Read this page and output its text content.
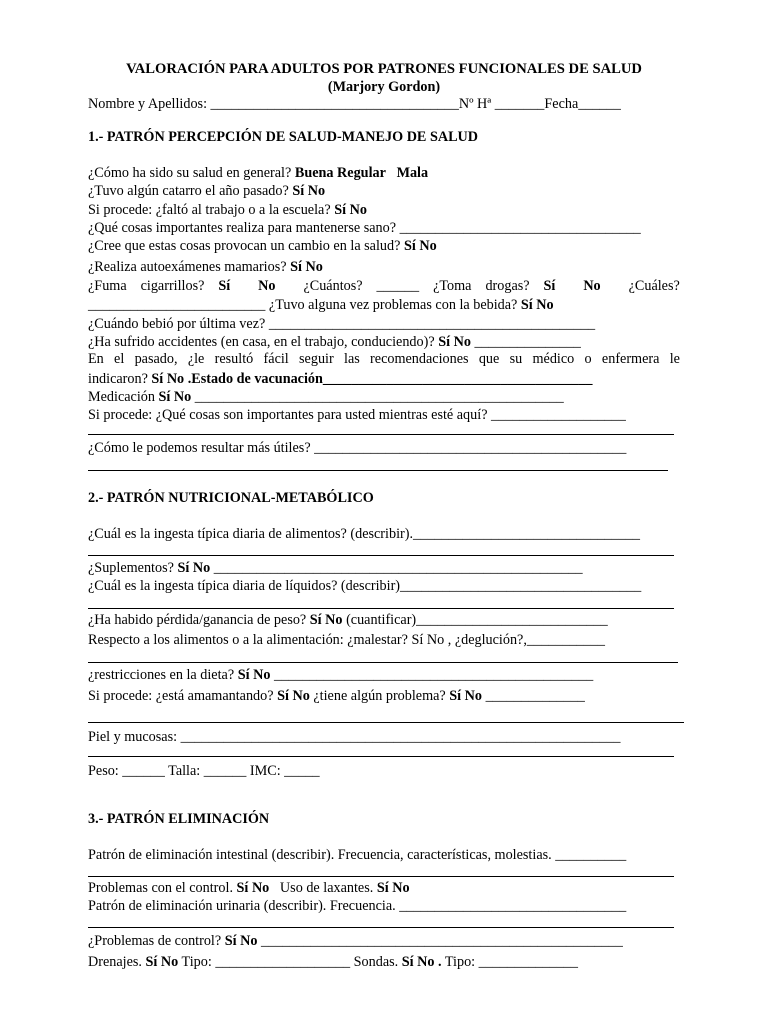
VALORACIÓN PARA ADULTOS POR PATRONES FUNCIONALES DE SALUD
(Marjory Gordon)
Nombre y Apellidos: ___________________________________Nº Hª _______Fecha______
1.- PATRÓN PERCEPCIÓN DE SALUD-MANEJO DE SALUD
¿Cómo ha sido su salud en general? Buena Regular Mala
¿Tuvo algún catarro el año pasado? Sí No
Si procede: ¿faltó al trabajo o a la escuela? Sí No
¿Qué cosas importantes realiza para mantenerse sano? __________________________________
¿Cree que estas cosas provocan un cambio en la salud? Sí No
¿Realiza autoexámenes mamarios? Sí No
¿Fuma cigarrillos? Sí No ¿Cuántos? ______ ¿Toma drogas? Sí No ¿Cuáles?
_________________________ ¿Tuvo alguna vez problemas con la bebida? Sí No
¿Cuándo bebió por última vez? ______________________________________________
¿Ha sufrido accidentes (en casa, en el trabajo, conduciendo)? Sí No _______________
En el pasado, ¿le resultó fácil seguir las recomendaciones que su médico o enfermera le
indicaron? Sí No .Estado de vacunación______________________________________
Medicación Sí No ____________________________________________________
Si procede: ¿Qué cosas son importantes para usted mientras esté aquí? ___________________
¿Cómo le podemos resultar más útiles? ____________________________________________
2.- PATRÓN NUTRICIONAL-METABÓLICO
¿Cuál es la ingesta típica diaria de alimentos? (describir).________________________________
¿Suplementos? Sí No ____________________________________________________
¿Cuál es la ingesta típica diaria de líquidos? (describir)__________________________________
¿Ha habido pérdida/ganancia de peso? Sí No (cuantificar)___________________________
Respecto a los alimentos o a la alimentación: ¿malestar? Sí No , ¿deglución?,___________
¿restricciones en la dieta? Sí No _____________________________________________
Si procede: ¿está amamantando? Sí No ¿tiene algún problema? Sí No ______________
Piel y mucosas: ______________________________________________________________
Peso: ______ Talla: ______ IMC: _____
3.- PATRÓN ELIMINACIÓN
Patrón de eliminación intestinal (describir). Frecuencia, características, molestias. __________
Problemas con el control. Sí No Uso de laxantes. Sí No
Patrón de eliminación urinaria (describir). Frecuencia. ________________________________
¿Problemas de control? Sí No ___________________________________________________
Drenajes. Sí No Tipo: ___________________ Sondas. Sí No . Tipo: ______________
